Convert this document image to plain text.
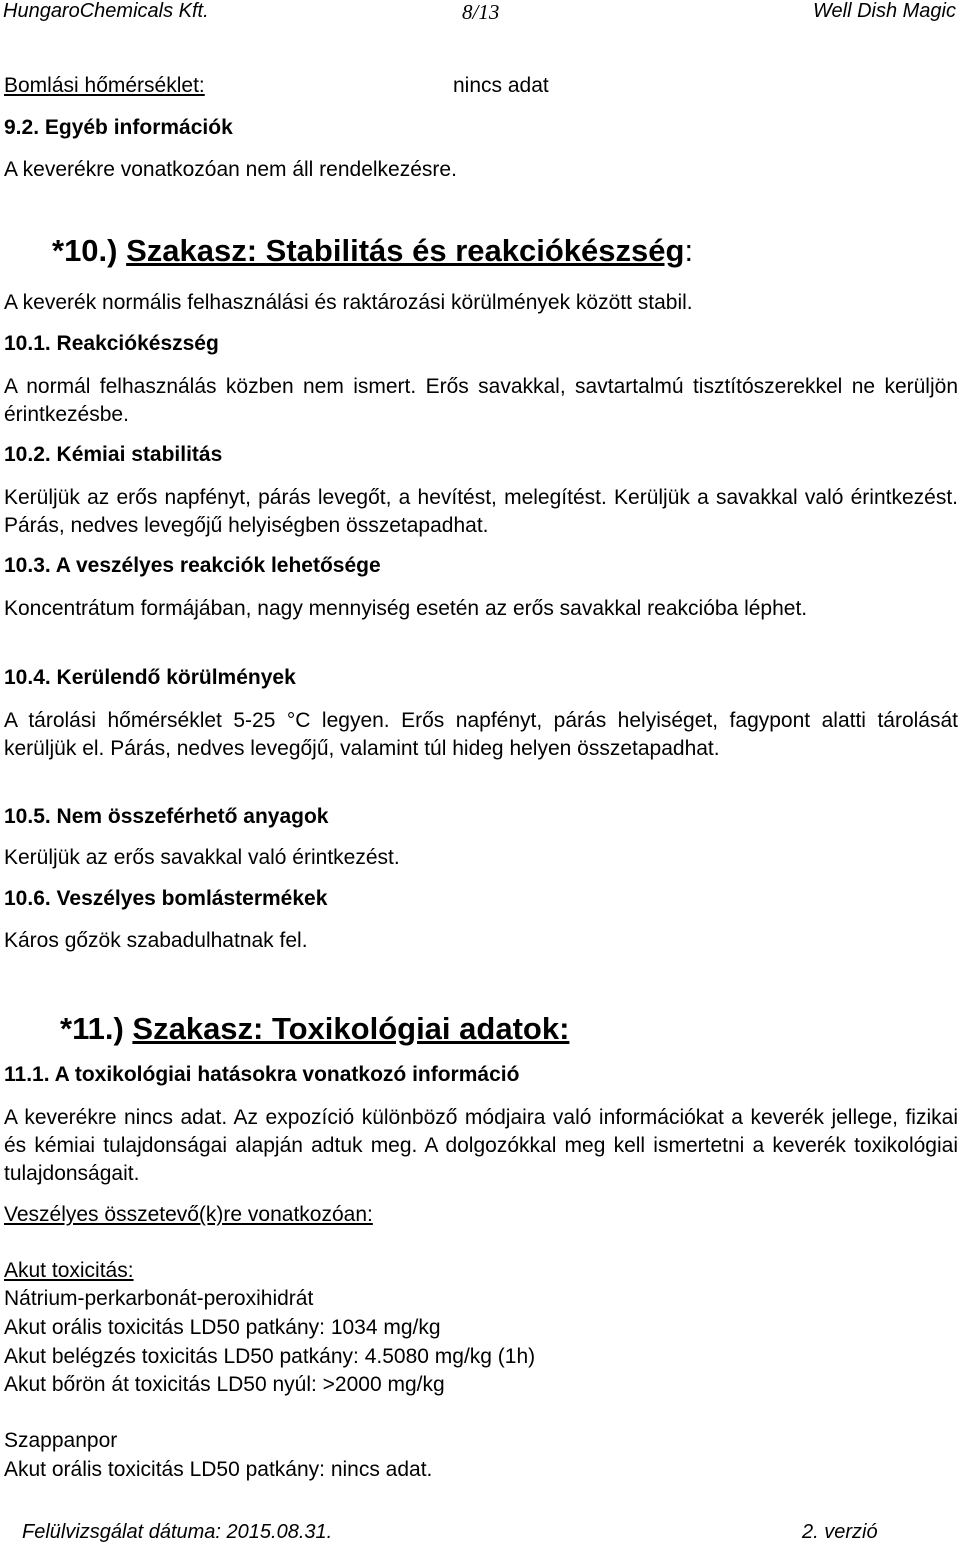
HungaroChemicals Kft.	8/13	Well Dish Magic
Bomlási hőmérséklet:	nincs adat
9.2. Egyéb információk
A keverékre vonatkozóan nem áll rendelkezésre.
*10.) Szakasz: Stabilitás és reakciókészség:
A keverék normális felhasználási és raktározási körülmények között stabil.
10.1. Reakciókészség
A normál felhasználás közben nem ismert. Erős savakkal, savtartalmú tisztítószerekkel ne kerüljön érintkezésbe.
10.2. Kémiai stabilitás
Kerüljük az erős napfényt, párás levegőt, a hevítést, melegítést. Kerüljük a savakkal való érintkezést. Párás, nedves levegőjű helyiségben összetapadhat.
10.3. A veszélyes reakciók lehetősége
Koncentrátum formájában, nagy mennyiség esetén az erős savakkal reakcióba léphet.
10.4. Kerülendő körülmények
A tárolási hőmérséklet 5-25 °C legyen. Erős napfényt, párás helyiséget, fagypont alatti tárolását kerüljük el. Párás, nedves levegőjű, valamint túl hideg helyen összetapadhat.
10.5. Nem összeférhető anyagok
Kerüljük az erős savakkal való érintkezést.
10.6. Veszélyes bomlástermékek
Káros gőzök szabadulhatnak fel.
*11.) Szakasz: Toxikológiai adatok:
11.1. A toxikológiai hatásokra vonatkozó információ
A keverékre nincs adat. Az expozíció különböző módjaira való információkat a keverék jellege, fizikai és kémiai tulajdonságai alapján adtuk meg. A dolgozókkal meg kell ismertetni a keverék toxikológiai tulajdonságait.
Veszélyes összetevő(k)re vonatkozóan:
Akut toxicitás:
Nátrium-perkarbonát-peroxihidrát
Akut orális toxicitás LD50 patkány: 1034 mg/kg
Akut belégzés toxicitás LD50 patkány: 4.5080 mg/kg (1h)
Akut bőrön át toxicitás LD50 nyúl: >2000 mg/kg
Szappanpor
Akut orális toxicitás LD50 patkány: nincs adat.
Felülvizsgálat dátuma: 2015.08.31.	2. verzió
